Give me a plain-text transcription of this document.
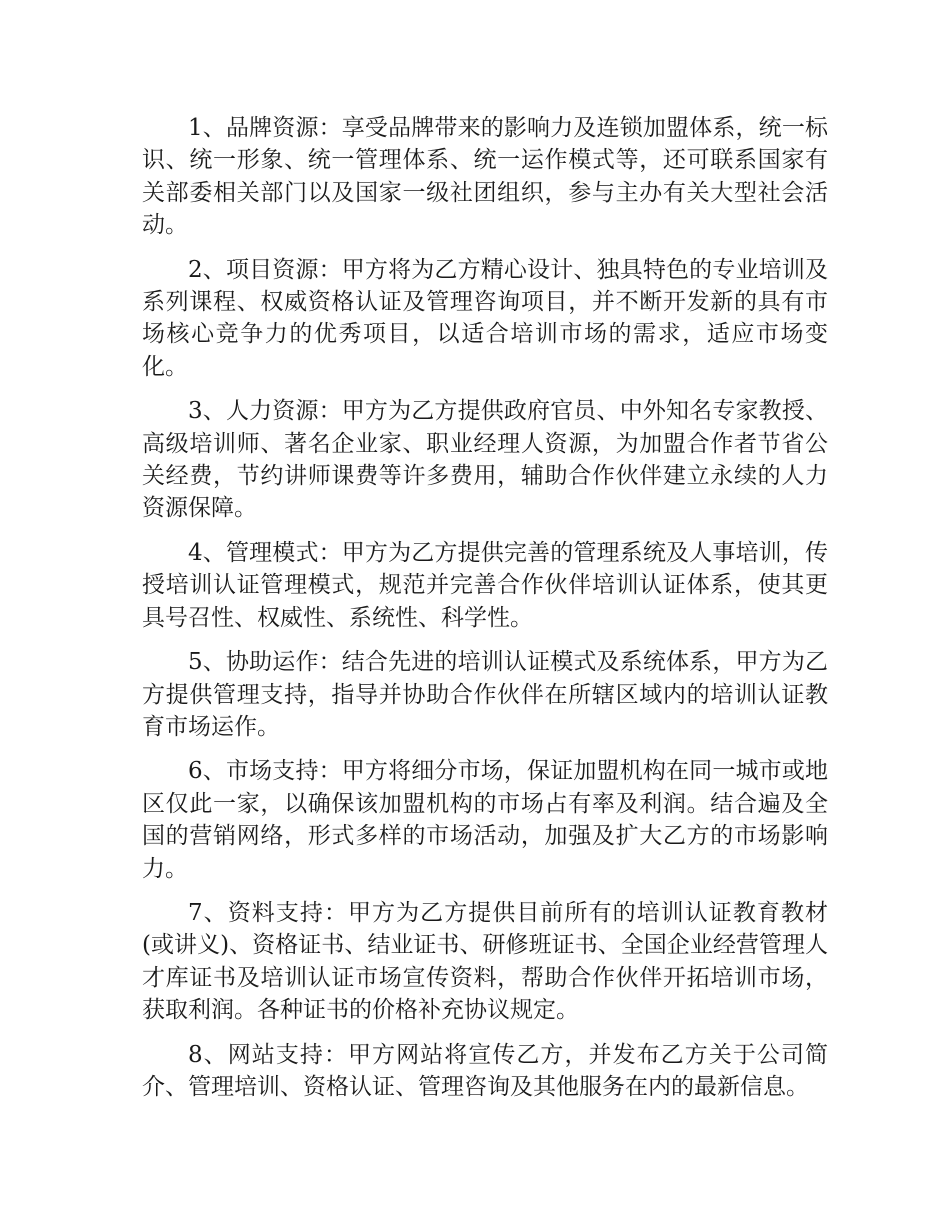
1、品牌资源：享受品牌带来的影响力及连锁加盟体系，统一标识、统一形象、统一管理体系、统一运作模式等，还可联系国家有关部委相关部门以及国家一级社团组织，参与主办有关大型社会活动。

2、项目资源：甲方将为乙方精心设计、独具特色的专业培训及系列课程、权威资格认证及管理咨询项目，并不断开发新的具有市场核心竞争力的优秀项目，以适合培训市场的需求，适应市场变化。

3、人力资源：甲方为乙方提供政府官员、中外知名专家教授、高级培训师、著名企业家、职业经理人资源，为加盟合作者节省公关经费，节约讲师课费等许多费用，辅助合作伙伴建立永续的人力资源保障。

4、管理模式：甲方为乙方提供完善的管理系统及人事培训，传授培训认证管理模式，规范并完善合作伙伴培训认证体系，使其更具号召性、权威性、系统性、科学性。

5、协助运作：结合先进的培训认证模式及系统体系，甲方为乙方提供管理支持，指导并协助合作伙伴在所辖区域内的培训认证教育市场运作。

6、市场支持：甲方将细分市场，保证加盟机构在同一城市或地区仅此一家，以确保该加盟机构的市场占有率及利润。结合遍及全国的营销网络，形式多样的市场活动，加强及扩大乙方的市场影响力。

7、资料支持：甲方为乙方提供目前所有的培训认证教育教材(或讲义)、资格证书、结业证书、研修班证书、全国企业经营管理人才库证书及培训认证市场宣传资料，帮助合作伙伴开拓培训市场，获取利润。各种证书的价格补充协议规定。

8、网站支持：甲方网站将宣传乙方，并发布乙方关于公司简介、管理培训、资格认证、管理咨询及其他服务在内的最新信息。
